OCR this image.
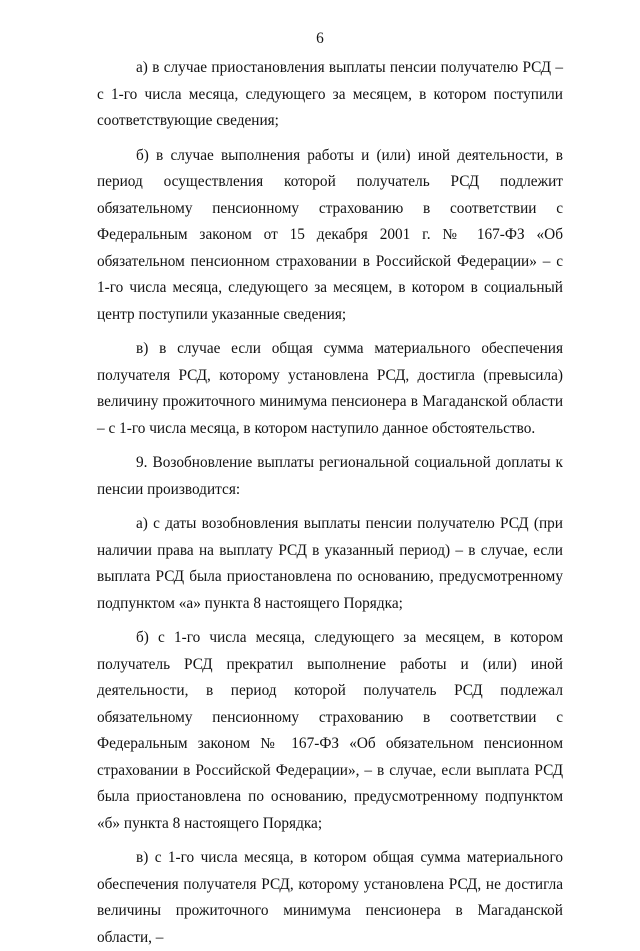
6

а) в случае приостановления выплаты пенсии получателю РСД – с 1-го числа месяца, следующего за месяцем, в котором поступили соответствующие сведения;

б) в случае выполнения работы и (или) иной деятельности, в период осуществления которой получатель РСД подлежит обязательному пенсионному страхованию в соответствии с Федеральным законом от 15 декабря 2001 г. № 167-ФЗ «Об обязательном пенсионном страховании в Российской Федерации» – с 1-го числа месяца, следующего за месяцем, в котором в социальный центр поступили указанные сведения;

в) в случае если общая сумма материального обеспечения получателя РСД, которому установлена РСД, достигла (превысила) величину прожиточного минимума пенсионера в Магаданской области – с 1-го числа месяца, в котором наступило данное обстоятельство.

9. Возобновление выплаты региональной социальной доплаты к пенсии производится:

а) с даты возобновления выплаты пенсии получателю РСД (при наличии права на выплату РСД в указанный период) – в случае, если выплата РСД была приостановлена по основанию, предусмотренному подпунктом «а» пункта 8 настоящего Порядка;

б) с 1-го числа месяца, следующего за месяцем, в котором получатель РСД прекратил выполнение работы и (или) иной деятельности, в период которой получатель РСД подлежал обязательному пенсионному страхованию в соответствии с Федеральным законом № 167-ФЗ «Об обязательном пенсионном страховании в Российской Федерации», – в случае, если выплата РСД была приостановлена по основанию, предусмотренному подпунктом «б» пункта 8 настоящего Порядка;

в) с 1-го числа месяца, в котором общая сумма материального обеспечения получателя РСД, которому установлена РСД, не достигла величины прожиточного минимума пенсионера в Магаданской области, –
